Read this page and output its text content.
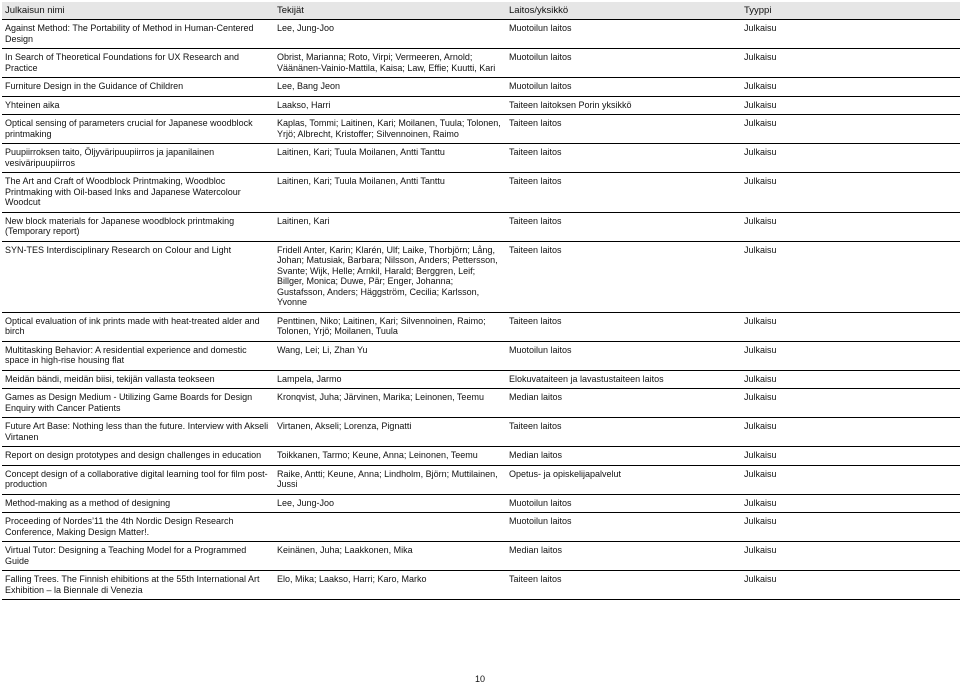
Julkaisun nimi	Tekijät	Laitos/yksikkö	Tyyppi
Against Method: The Portability of Method in Human-Centered Design	Lee, Jung-Joo	Muotoilun laitos	Julkaisu
In Search of Theoretical Foundations for UX Research and Practice	Obrist, Marianna; Roto, Virpi; Vermeeren, Arnold; Väänänen-Vainio-Mattila, Kaisa; Law, Effie; Kuutti, Kari	Muotoilun laitos	Julkaisu
Furniture Design in the Guidance of Children	Lee, Bang Jeon	Muotoilun laitos	Julkaisu
Yhteinen aika	Laakso, Harri	Taiteen laitoksen Porin yksikkö	Julkaisu
Optical sensing of parameters crucial for Japanese woodblock printmaking	Kaplas, Tommi; Laitinen, Kari; Moilanen, Tuula; Tolonen, Yrjö; Albrecht, Kristoffer; Silvennoinen, Raimo	Taiteen laitos	Julkaisu
Puupiirroksen taito, Öljyväripuupiirros ja japanilainen vesiväripuupiirros	Laitinen, Kari; Tuula Moilanen, Antti Tanttu	Taiteen laitos	Julkaisu
The Art and Craft of Woodblock Printmaking, Woodbloc Printmaking with Oil-based Inks and Japanese Watercolour Woodcut	Laitinen, Kari; Tuula Moilanen, Antti Tanttu	Taiteen laitos	Julkaisu
New block materials for Japanese woodblock printmaking (Temporary report)	Laitinen, Kari	Taiteen laitos	Julkaisu
SYN-TES Interdisciplinary Research on Colour and Light	Fridell Anter, Karin; Klarén, Ulf; Laike, Thorbjörn; Lång, Johan; Matusiak, Barbara; Nilsson, Anders; Pettersson, Svante; Wijk, Helle; Arnkil, Harald; Berggren, Leif; Billger, Monica; Duwe, Pär; Enger, Johanna; Gustafsson, Anders; Häggström, Cecilia; Karlsson, Yvonne	Taiteen laitos	Julkaisu
Optical evaluation of ink prints made with heat-treated alder and birch	Penttinen, Niko; Laitinen, Kari; Silvennoinen, Raimo; Tolonen, Yrjö; Moilanen, Tuula	Taiteen laitos	Julkaisu
Multitasking Behavior: A residential experience and domestic space in high-rise housing flat	Wang, Lei; Li, Zhan Yu	Muotoilun laitos	Julkaisu
Meidän bändi, meidän biisi, tekijän vallasta teokseen	Lampela, Jarmo	Elokuvataiteen ja lavastustaiteen laitos	Julkaisu
Games as Design Medium - Utilizing Game Boards for Design Enquiry with Cancer Patients	Kronqvist, Juha; Järvinen, Marika; Leinonen, Teemu	Median laitos	Julkaisu
Future Art Base: Nothing less than the future. Interview with Akseli Virtanen	Virtanen, Akseli; Lorenza, Pignatti	Taiteen laitos	Julkaisu
Report on design prototypes and design challenges in education	Toikkanen, Tarmo; Keune, Anna; Leinonen, Teemu	Median laitos	Julkaisu
Concept design of a collaborative digital learning tool for film post-production	Raike, Antti; Keune, Anna; Lindholm, Björn; Muttilainen, Jussi	Opetus- ja opiskelijapalvelut	Julkaisu
Method-making as a method of designing	Lee, Jung-Joo	Muotoilun laitos	Julkaisu
Proceeding of Nordes’11 the 4th Nordic Design Research Conference, Making Design Matter!.		Muotoilun laitos	Julkaisu
Virtual Tutor: Designing a Teaching Model for a Programmed Guide	Keinänen, Juha; Laakkonen, Mika	Median laitos	Julkaisu
Falling Trees. The Finnish ehibitions at the 55th International Art Exhibition – la Biennale di Venezia	Elo, Mika; Laakso, Harri; Karo, Marko	Taiteen laitos	Julkaisu
10
